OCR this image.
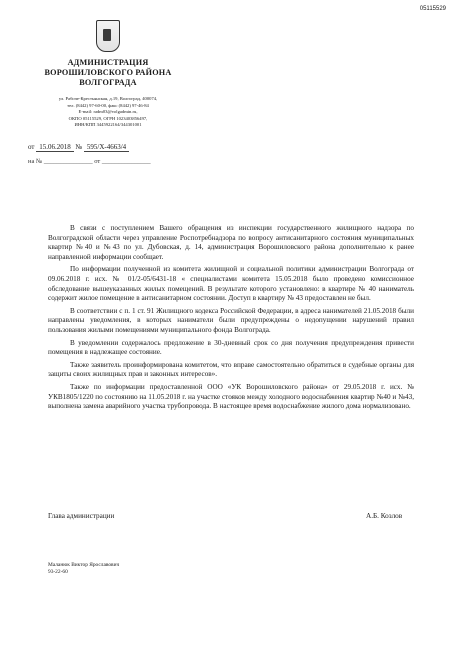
05115529
АДМИНИСТРАЦИЯ
ВОРОШИЛОВСКОГО РАЙОНА
ВОЛГОГРАДА
ул. Рабоче-Крестьянская, д.19, Волгоград, 400074,
тел. (8442) 97-60-00, факс (8442) 97-46-84
E-mail: radm03@volgadmin.ru,
ОКПО 05115529, ОГРН 1023403856497,
ИНН/КПП 3445922164/344301001
от 15.06.2018 № 595/Х-4663/4
на № _______________ от _______________

В связи с поступлением Вашего обращения из инспекции государственного жилищного надзора по Волгоградской области через управление Роспотребнадзора по вопросу антисанитарного состояния муниципальных квартир №40 и №43 по ул. Дубовская, д. 14, администрация Ворошиловского района дополнительно к ранее направленной информации сообщает.

По информации полученной из комитета жилищной и социальной политики администрации Волгограда от 09.06.2018 г. исх. № 01/2-05/6431-18 « специалистами комитета 15.05.2018 было проведено комиссионное обследование вышеуказанных жилых помещений. В результате которого установлено: в квартире № 40 наниматель содержит жилое помещение в антисанитарном состоянии. Доступ в квартиру № 43 предоставлен не был.

В соответствии с п. 1 ст. 91 Жилищного кодекса Российской Федерации, в адреса нанимателей 21.05.2018 были направлены уведомления, в которых наниматели были предупреждены о недопущении нарушений правил пользования жилыми помещениями муниципального фонда Волгограда.

В уведомлении содержалось предложение в 30-дневный срок со дня получения предупреждения привести помещения в надлежащее состояние.

Также заявитель проинформирована комитетом, что вправе самостоятельно обратиться в судебные органы для защиты своих жилищных прав и законных интересов».

Также по информации предоставленной ООО «УК Ворошиловского района» от 29.05.2018 г. исх. № УКВ1805/1220 по состоянию на 11.05.2018 г. на участке стояков между холодного водоснабжения квартир №40 и №43, выполнена замена аварийного участка трубопровода. В настоящее время водоснабжение жилого дома нормализовано.

Глава администрации	А.Б. Козлов
Маланюк Виктор Ярославович
93-22-60
